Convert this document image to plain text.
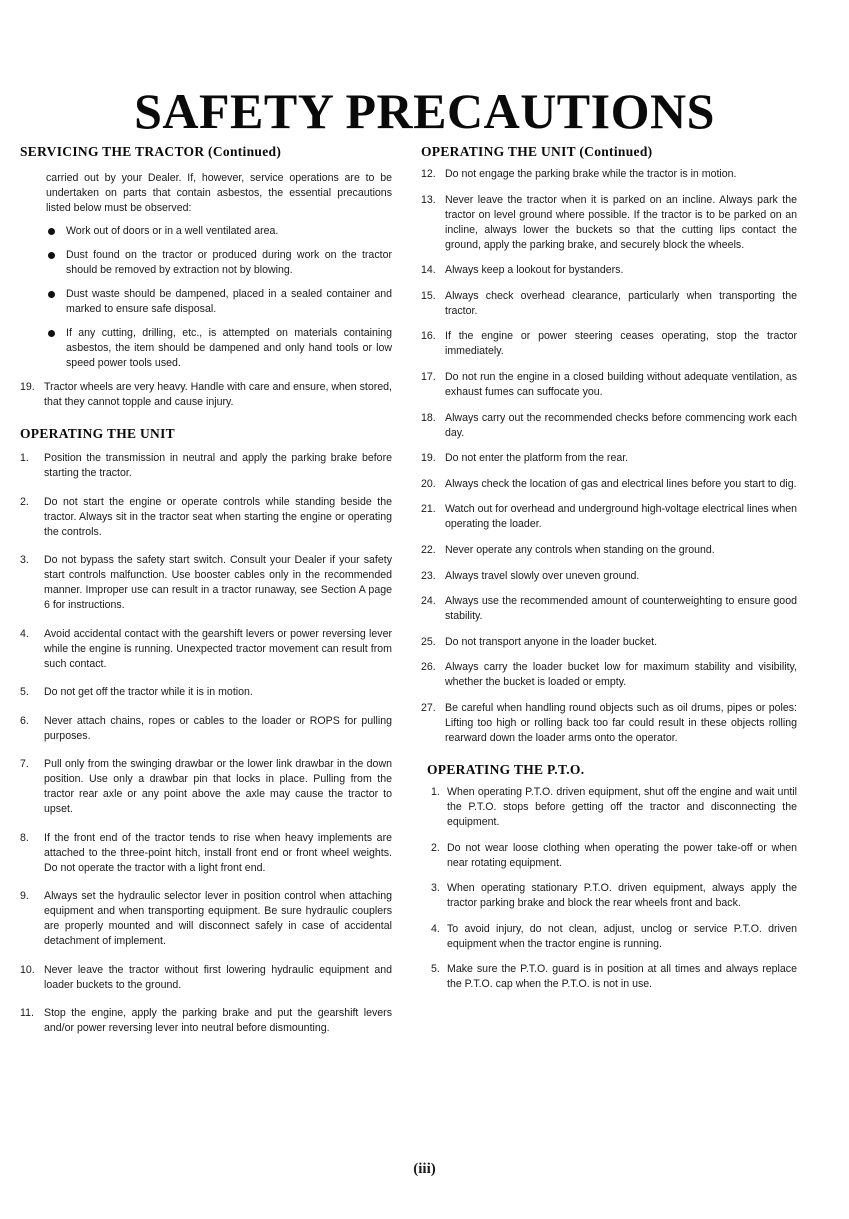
SAFETY PRECAUTIONS
SERVICING THE TRACTOR (Continued)

carried out by your Dealer. If, however, service operations are to be undertaken on parts that contain asbestos, the essential precautions listed below must be observed:

Work out of doors or in a well ventilated area.
Dust found on the tractor or produced during work on the tractor should be removed by extraction not by blowing.
Dust waste should be dampened, placed in a sealed container and marked to ensure safe disposal.
If any cutting, drilling, etc., is attempted on materials containing asbestos, the item should be dampened and only hand tools or low speed power tools used.
19. Tractor wheels are very heavy. Handle with care and ensure, when stored, that they cannot topple and cause injury.
OPERATING THE UNIT
1.	Position the transmission in neutral and apply the parking brake before starting the tractor.
2.	Do not start the engine or operate controls while standing beside the tractor. Always sit in the tractor seat when starting the engine or operating the controls.
3.	Do not bypass the safety start switch. Consult your Dealer if your safety start controls malfunction. Use booster cables only in the recommended manner. Improper use can result in a tractor runaway, see Section A page 6 for instructions.
4.	Avoid accidental contact with the gearshift levers or power reversing lever while the engine is running. Unexpected tractor movement can result from such contact.
5.	Do not get off the tractor while it is in motion.
6.	Never attach chains, ropes or cables to the loader or ROPS for pulling purposes.
7.	Pull only from the swinging drawbar or the lower link drawbar in the down position. Use only a drawbar pin that locks in place. Pulling from the tractor rear axle or any point above the axle may cause the tractor to upset.
8.	If the front end of the tractor tends to rise when heavy implements are attached to the three-point hitch, install front end or front wheel weights. Do not operate the tractor with a light front end.
9.	Always set the hydraulic selector lever in position control when attaching equipment and when transporting equipment. Be sure hydraulic couplers are properly mounted and will disconnect safely in case of accidental detachment of implement.
10. Never leave the tractor without first lowering hydraulic equipment and loader buckets to the ground.
11. Stop the engine, apply the parking brake and put the gearshift levers and/or power reversing lever into neutral before dismounting.
OPERATING THE UNIT (Continued)
12. Do not engage the parking brake while the tractor is in motion.
13. Never leave the tractor when it is parked on an incline. Always park the tractor on level ground where possible. If the tractor is to be parked on an incline, always lower the buckets so that the cutting lips contact the ground, apply the parking brake, and securely block the wheels.
14. Always keep a lookout for bystanders.
15. Always check overhead clearance, particularly when transporting the tractor.
16. If the engine or power steering ceases operating, stop the tractor immediately.
17. Do not run the engine in a closed building without adequate ventilation, as exhaust fumes can suffocate you.
18. Always carry out the recommended checks before commencing work each day.
19. Do not enter the platform from the rear.
20. Always check the location of gas and electrical lines before you start to dig.
21. Watch out for overhead and underground high-voltage electrical lines when operating the loader.
22. Never operate any controls when standing on the ground.
23. Always travel slowly over uneven ground.
24. Always use the recommended amount of counterweighting to ensure good stability.
25. Do not transport anyone in the loader bucket.
26. Always carry the loader bucket low for maximum stability and visibility, whether the bucket is loaded or empty.
27. Be careful when handling round objects such as oil drums, pipes or poles: Lifting too high or rolling back too far could result in these objects rolling rearward down the loader arms onto the operator.
OPERATING THE P.T.O.
1. When operating P.T.O. driven equipment, shut off the engine and wait until the P.T.O. stops before getting off the tractor and disconnecting the equipment.
2. Do not wear loose clothing when operating the power take-off or when near rotating equipment.
3. When operating stationary P.T.O. driven equipment, always apply the tractor parking brake and block the rear wheels front and back.
4. To avoid injury, do not clean, adjust, unclog or service P.T.O. driven equipment when the tractor engine is running.
5. Make sure the P.T.O. guard is in position at all times and always replace the P.T.O. cap when the P.T.O. is not in use.
(iii)
